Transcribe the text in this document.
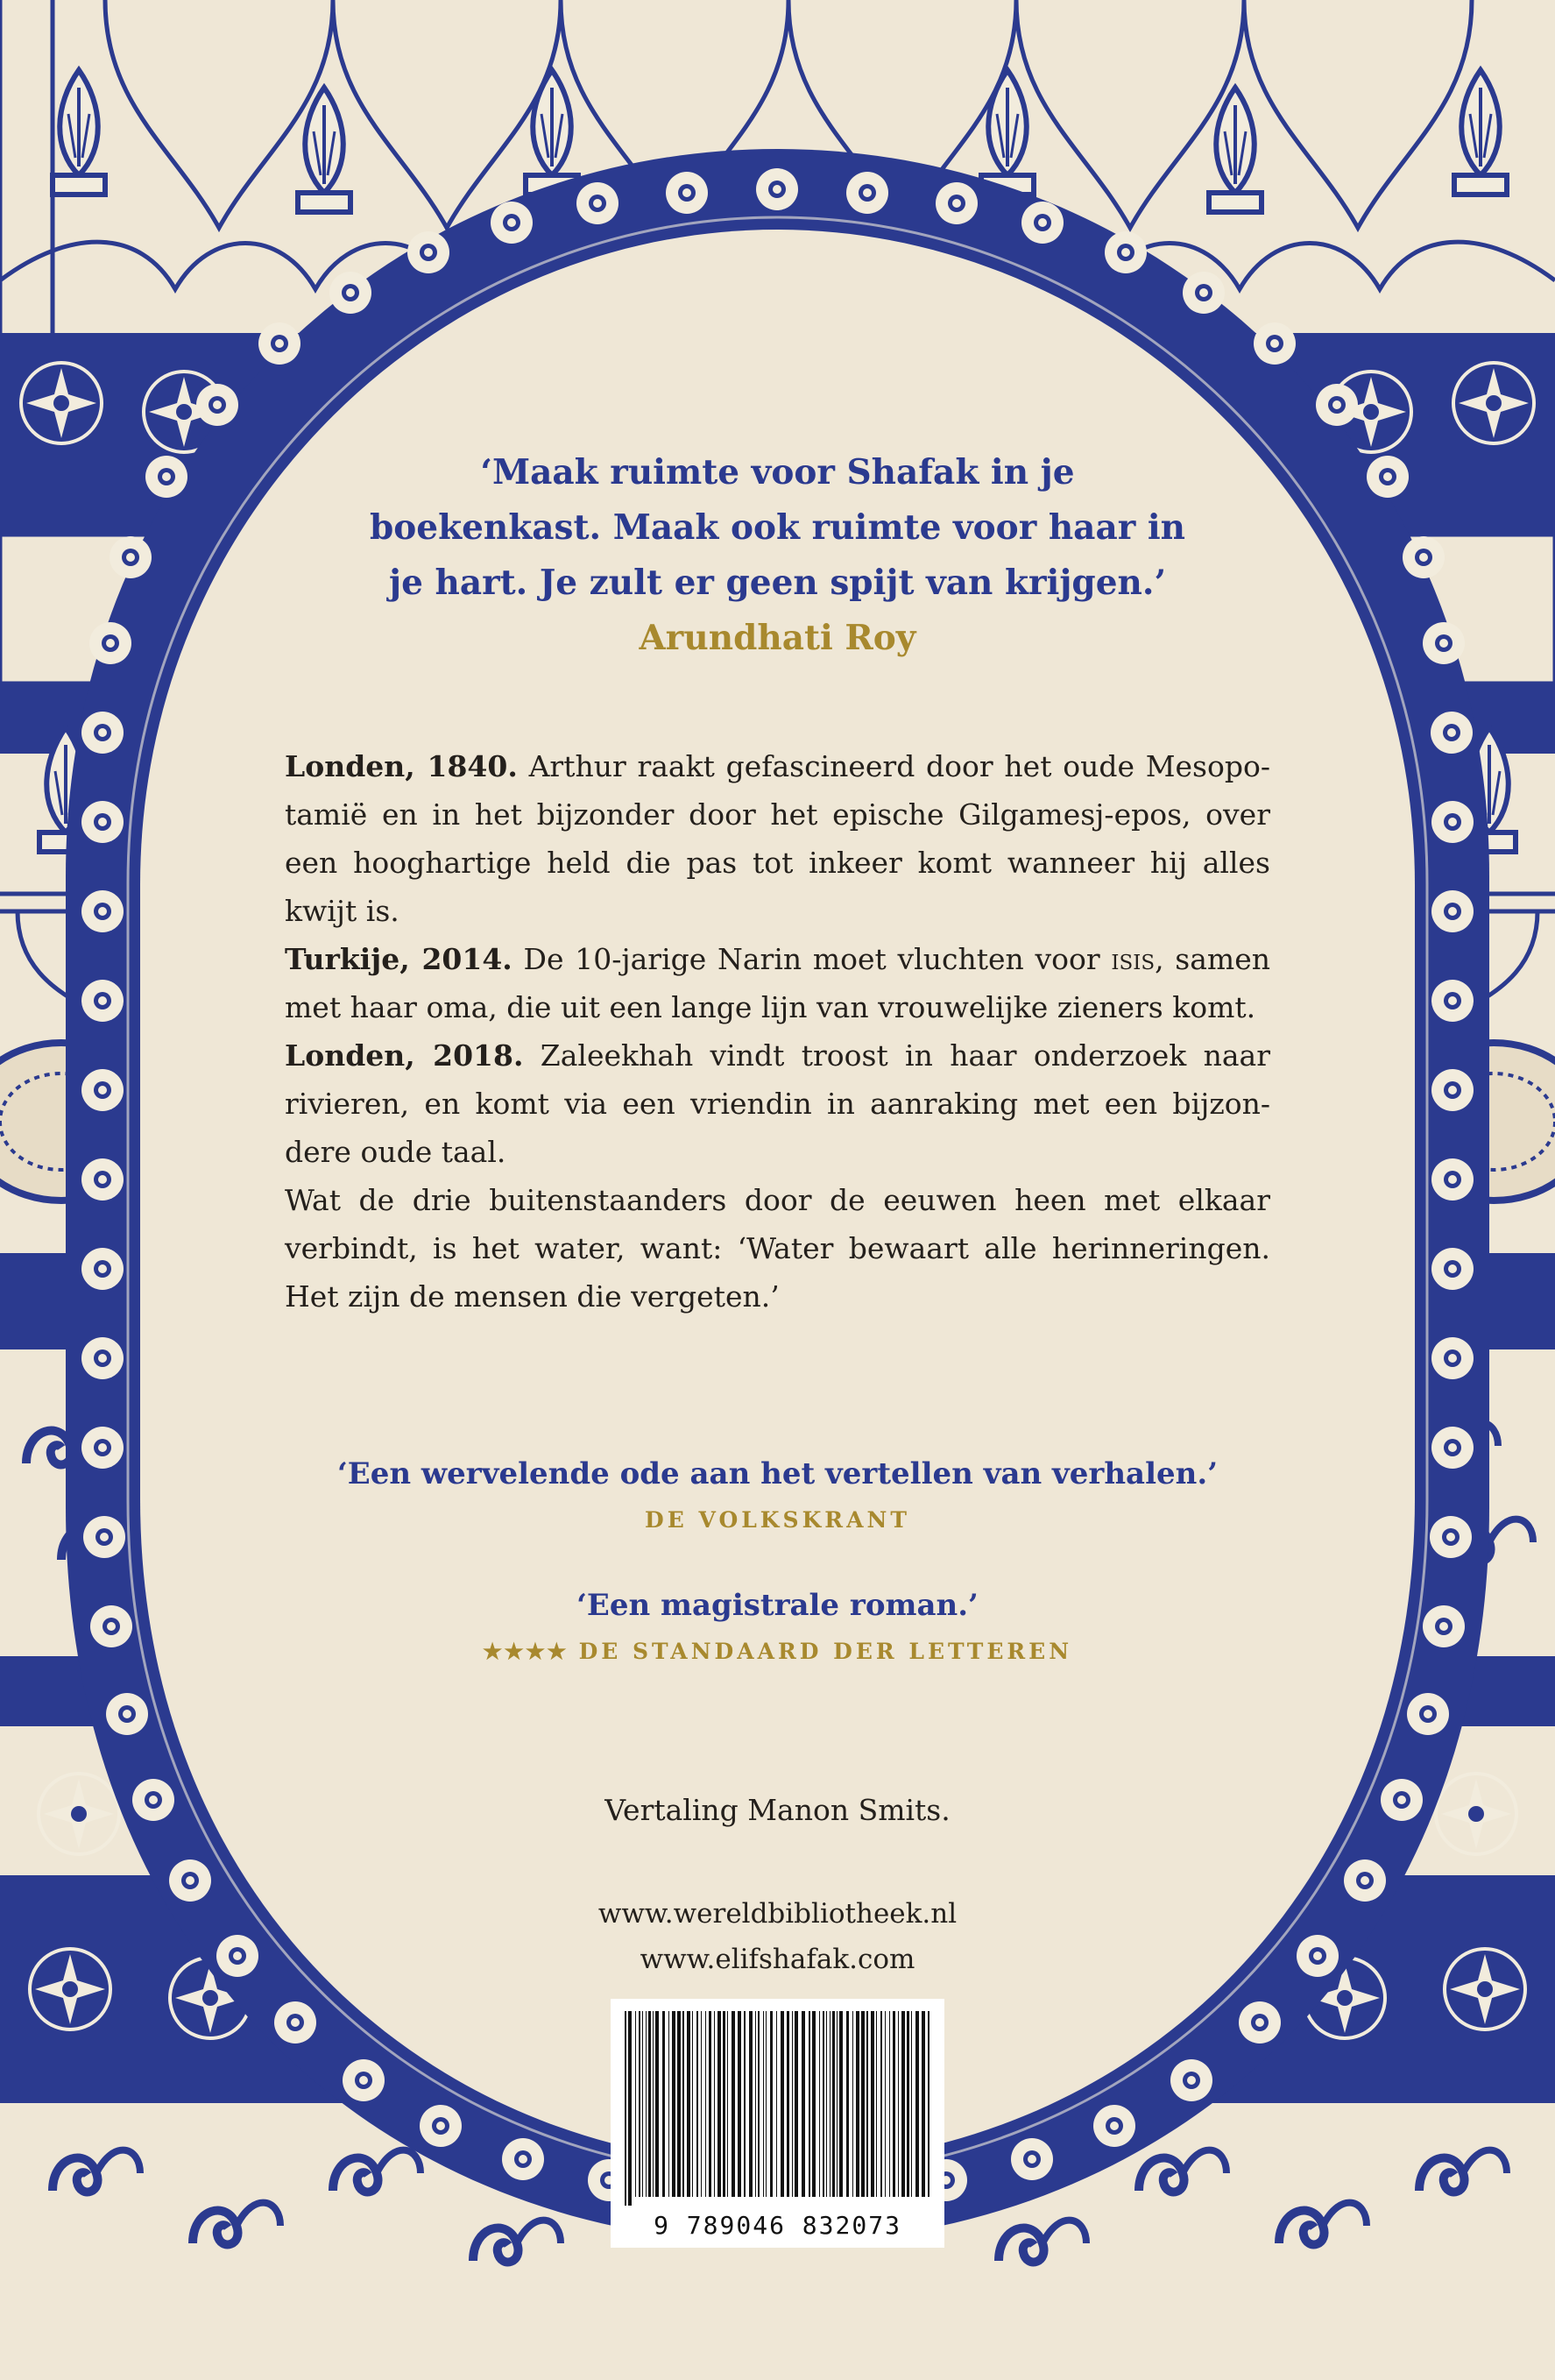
‘Maak ruimte voor Shafak in je
boekenkast. Maak ook ruimte voor haar in
je hart. Je zult er geen spijt van krijgen.’
Arundhati Roy
Londen, 1840. Arthur raakt gefascineerd door het oude Mesopo-
tamië en in het bijzonder door het epische Gilgamesj-epos, over
een hooghartige held die pas tot inkeer komt wanneer hij alles
kwijt is.
Turkije, 2014. De 10-jarige Narin moet vluchten voor isis, samen
met haar oma, die uit een lange lijn van vrouwelijke zieners komt.
Londen, 2018. Zaleekhah vindt troost in haar onderzoek naar
rivieren, en komt via een vriendin in aanraking met een bijzon-
dere oude taal.
Wat de drie buitenstaanders door de eeuwen heen met elkaar
verbindt, is het water, want: ‘Water bewaart alle herinneringen.
Het zijn de mensen die vergeten.’
‘Een wervelende ode aan het vertellen van verhalen.’
DE VOLKSKRANT
‘Een magistrale roman.’
★★★★ DE STANDAARD DER LETTEREN
Vertaling Manon Smits.
www.wereldbibliotheek.nl
www.elifshafak.com
9 789046 832073
